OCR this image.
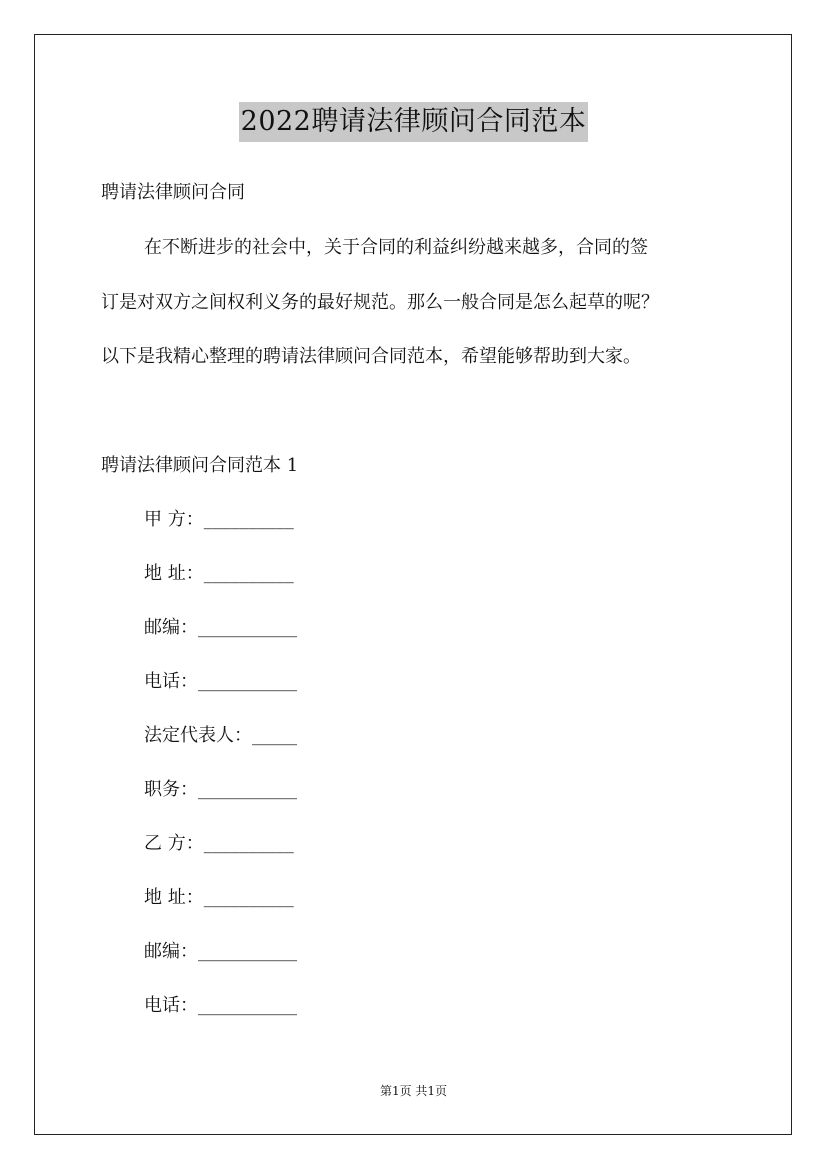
2022聘请法律顾问合同范本
聘请法律顾问合同
在不断进步的社会中，关于合同的利益纠纷越来越多，合同的签
订是对双方之间权利义务的最好规范。那么一般合同是怎么起草的呢？
以下是我精心整理的聘请法律顾问合同范本，希望能够帮助到大家。
聘请法律顾问合同范本 1
甲 方：__________
地 址：__________
邮编：___________
电话：___________
法定代表人：_____
职务：___________
乙 方：__________
地 址：__________
邮编：___________
电话：___________
第1页 共1页
